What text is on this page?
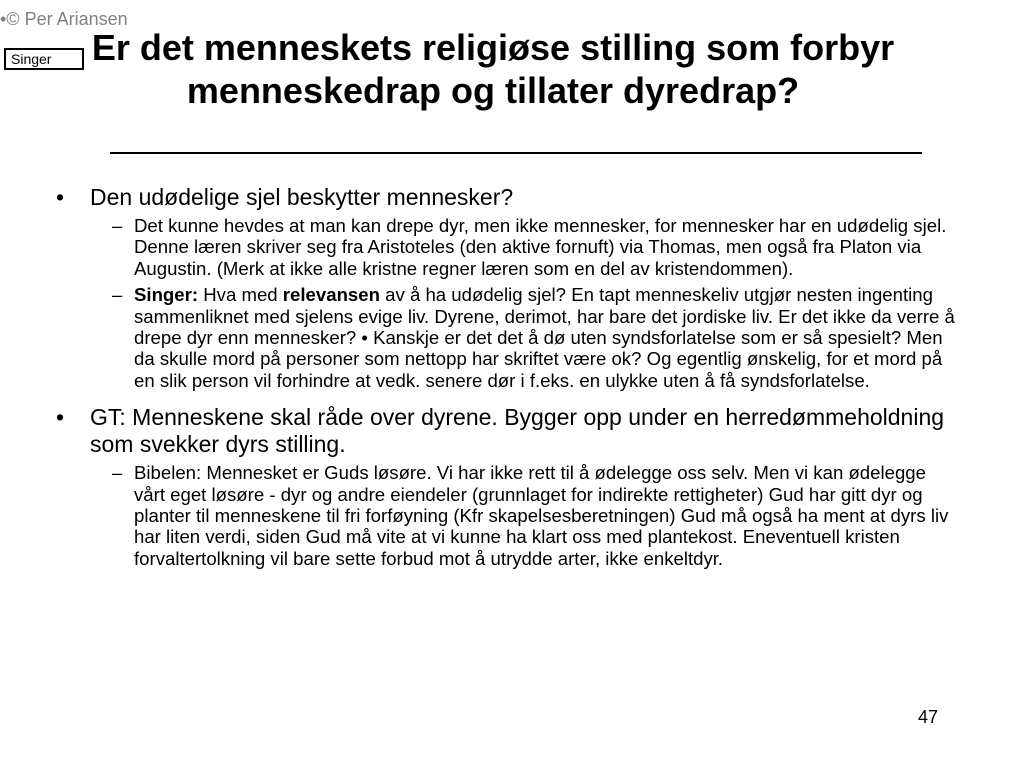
•© Per Ariansen
Singer	Er det menneskets religiøse stilling som forbyr menneskedrap og tillater dyredrap?
• Den udødelige sjel beskytter mennesker?
– Det kunne hevdes at man kan drepe dyr, men ikke mennesker, for mennesker har en udødelig sjel. Denne læren skriver seg fra Aristoteles (den aktive fornuft) via Thomas, men også fra Platon via Augustin. (Merk at ikke alle kristne regner læren som en del av kristendommen).
– Singer: Hva med relevansen av å ha udødelig sjel? En tapt menneskeliv utgjør nesten ingenting sammenliknet med sjelens evige liv. Dyrene, derimot, har bare det jordiske liv. Er det ikke da verre å drepe dyr enn mennesker? • Kanskje er det det å dø uten syndsforlatelse som er så spesielt? Men da skulle mord på personer som nettopp har skriftet være ok? Og egentlig ønskelig, for et mord på en slik person vil forhindre at vedk. senere dør i f.eks. en ulykke uten å få syndsforlatelse.
• GT: Menneskene skal råde over dyrene. Bygger opp under en herredømmeholdning som svekker dyrs stilling.
– Bibelen: Mennesket er Guds løsøre. Vi har ikke rett til å ødelegge oss selv. Men vi kan ødelegge vårt eget løsøre - dyr og andre eiendeler (grunnlaget for indirekte rettigheter) Gud har gitt dyr og planter til menneskene til fri forføyning (Kfr skapelsesberetningen) Gud må også ha ment at dyrs liv har liten verdi, siden Gud må vite at vi kunne ha klart oss med plantekost. Eneventuell kristen forvaltertolkning vil bare sette forbud mot å utrydde arter, ikke enkeltdyr.
47
